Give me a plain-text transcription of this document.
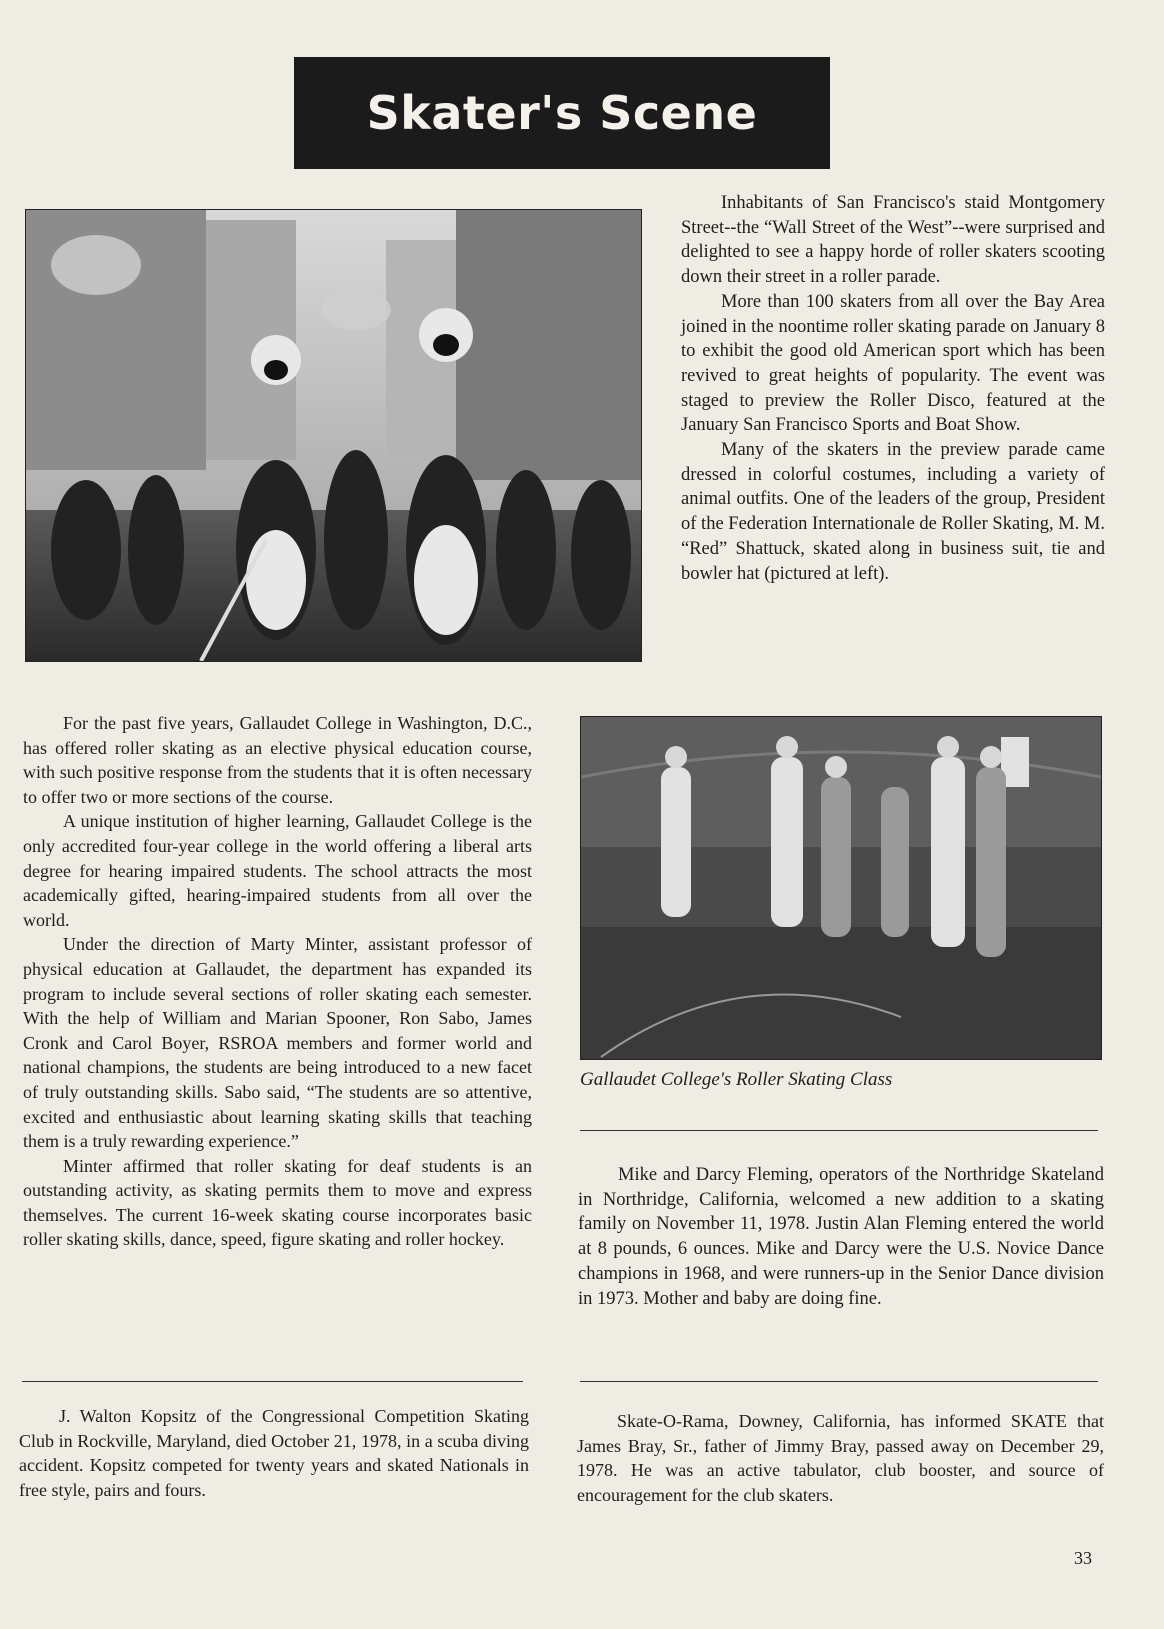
Skater's Scene

Inhabitants of San Francisco's staid Montgomery Street--the “Wall Street of the West”--were surprised and delighted to see a happy horde of roller skaters scooting down their street in a roller parade.

More than 100 skaters from all over the Bay Area joined in the noontime roller skating parade on January 8 to exhibit the good old American sport which has been revived to great heights of popularity. The event was staged to preview the Roller Disco, featured at the January San Francisco Sports and Boat Show.

Many of the skaters in the preview parade came dressed in colorful costumes, including a variety of animal outfits. One of the leaders of the group, President of the Federation Internationale de Roller Skating, M. M. “Red” Shattuck, skated along in business suit, tie and bowler hat (pictured at left).

For the past five years, Gallaudet College in Washington, D.C., has offered roller skating as an elective physical education course, with such positive response from the students that it is often necessary to offer two or more sections of the course.

A unique institution of higher learning, Gallaudet College is the only accredited four-year college in the world offering a liberal arts degree for hearing impaired students. The school attracts the most academically gifted, hearing-impaired students from all over the world.

Under the direction of Marty Minter, assistant professor of physical education at Gallaudet, the department has expanded its program to include several sections of roller skating each semester. With the help of William and Marian Spooner, Ron Sabo, James Cronk and Carol Boyer, RSROA members and former world and national champions, the students are being introduced to a new facet of truly outstanding skills. Sabo said, “The students are so attentive, excited and enthusiastic about learning skating skills that teaching them is a truly rewarding experience.”

Minter affirmed that roller skating for deaf students is an outstanding activity, as skating permits them to move and express themselves. The current 16-week skating course incorporates basic roller skating skills, dance, speed, figure skating and roller hockey.

Gallaudet College's Roller Skating Class

Mike and Darcy Fleming, operators of the Northridge Skateland in Northridge, California, welcomed a new addition to a skating family on November 11, 1978. Justin Alan Fleming entered the world at 8 pounds, 6 ounces. Mike and Darcy were the U.S. Novice Dance champions in 1968, and were runners-up in the Senior Dance division in 1973. Mother and baby are doing fine.

J. Walton Kopsitz of the Congressional Competition Skating Club in Rockville, Maryland, died October 21, 1978, in a scuba diving accident. Kopsitz competed for twenty years and skated Nationals in free style, pairs and fours.

Skate-O-Rama, Downey, California, has informed SKATE that James Bray, Sr., father of Jimmy Bray, passed away on December 29, 1978. He was an active tabulator, club booster, and source of encouragement for the club skaters.

33
